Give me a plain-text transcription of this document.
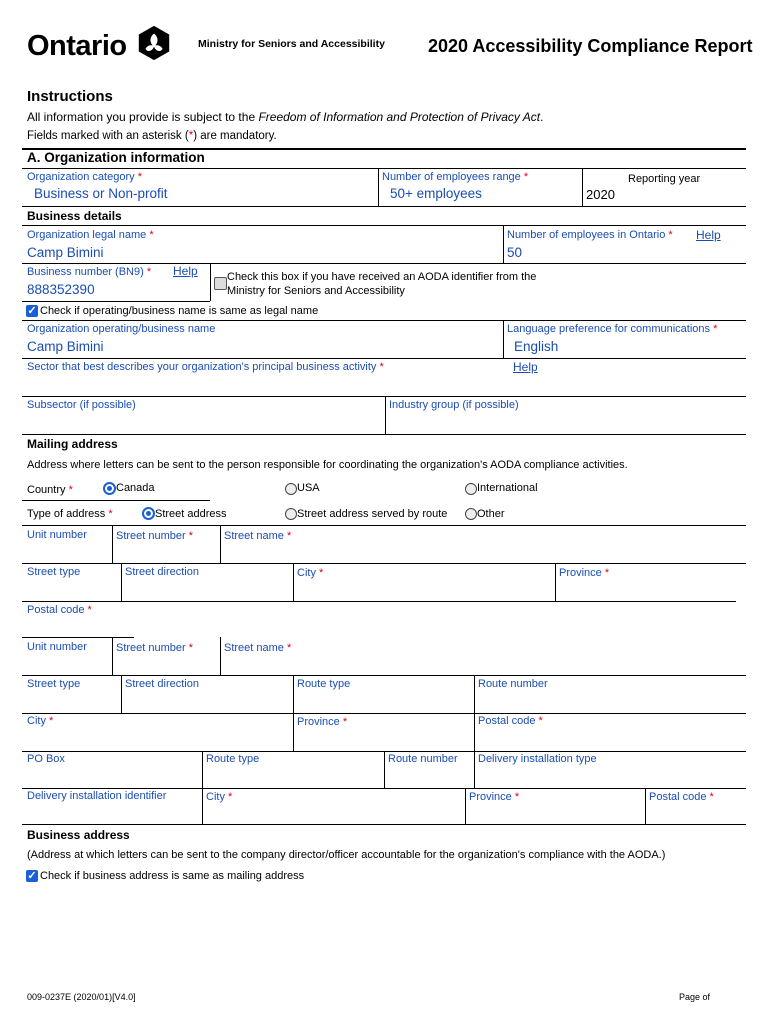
Ontario	Ministry for Seniors and Accessibility 2020 Accessibility Compliance Report
Instructions
All information you provide is subject to the Freedom of Information and Protection of Privacy Act.
Fields marked with an asterisk (*) are mandatory.
A. Organization information
Organization category *
Business or Non-profit
Number of employees range *
50+ employees
Reporting year
2020
Business details
Organization legal name *
Camp Bimini
Number of employees in Ontario * Help
50
Business number (BN9) * Help
888352390
Check this box if you have received an AODA identifier from the
Ministry for Seniors and Accessibility
✓ Check if operating/business name is same as legal name
Organization operating/business name
Camp Bimini
Language preference for communications *
English
Sector that best describes your organization's principal business activity *	Help
Subsector (if possible)	Industry group (if possible)
Mailing address
Address where letters can be sent to the person responsible for coordinating the organization's AODA compliance activities.
Country *	Canada	USA	International
Type of address *	Street address	Street address served by route	Other
Unit number	Street number *	Street name *
Street type	Street direction	City *	Province *
Postal code *
Unit number	Street number *	Street name *
Street type	Street direction	Route type	Route number
City *	Province *	Postal code *
PO Box	Route type	Route number Delivery installation type
Delivery installation identifier	City *	Province *	Postal code *
Business address
(Address at which letters can be sent to the company director/officer accountable for the organization's compliance with the AODA.)
✓ Check if business address is same as mailing address
009-0237E (2020/01)[V4.0]	Page of
